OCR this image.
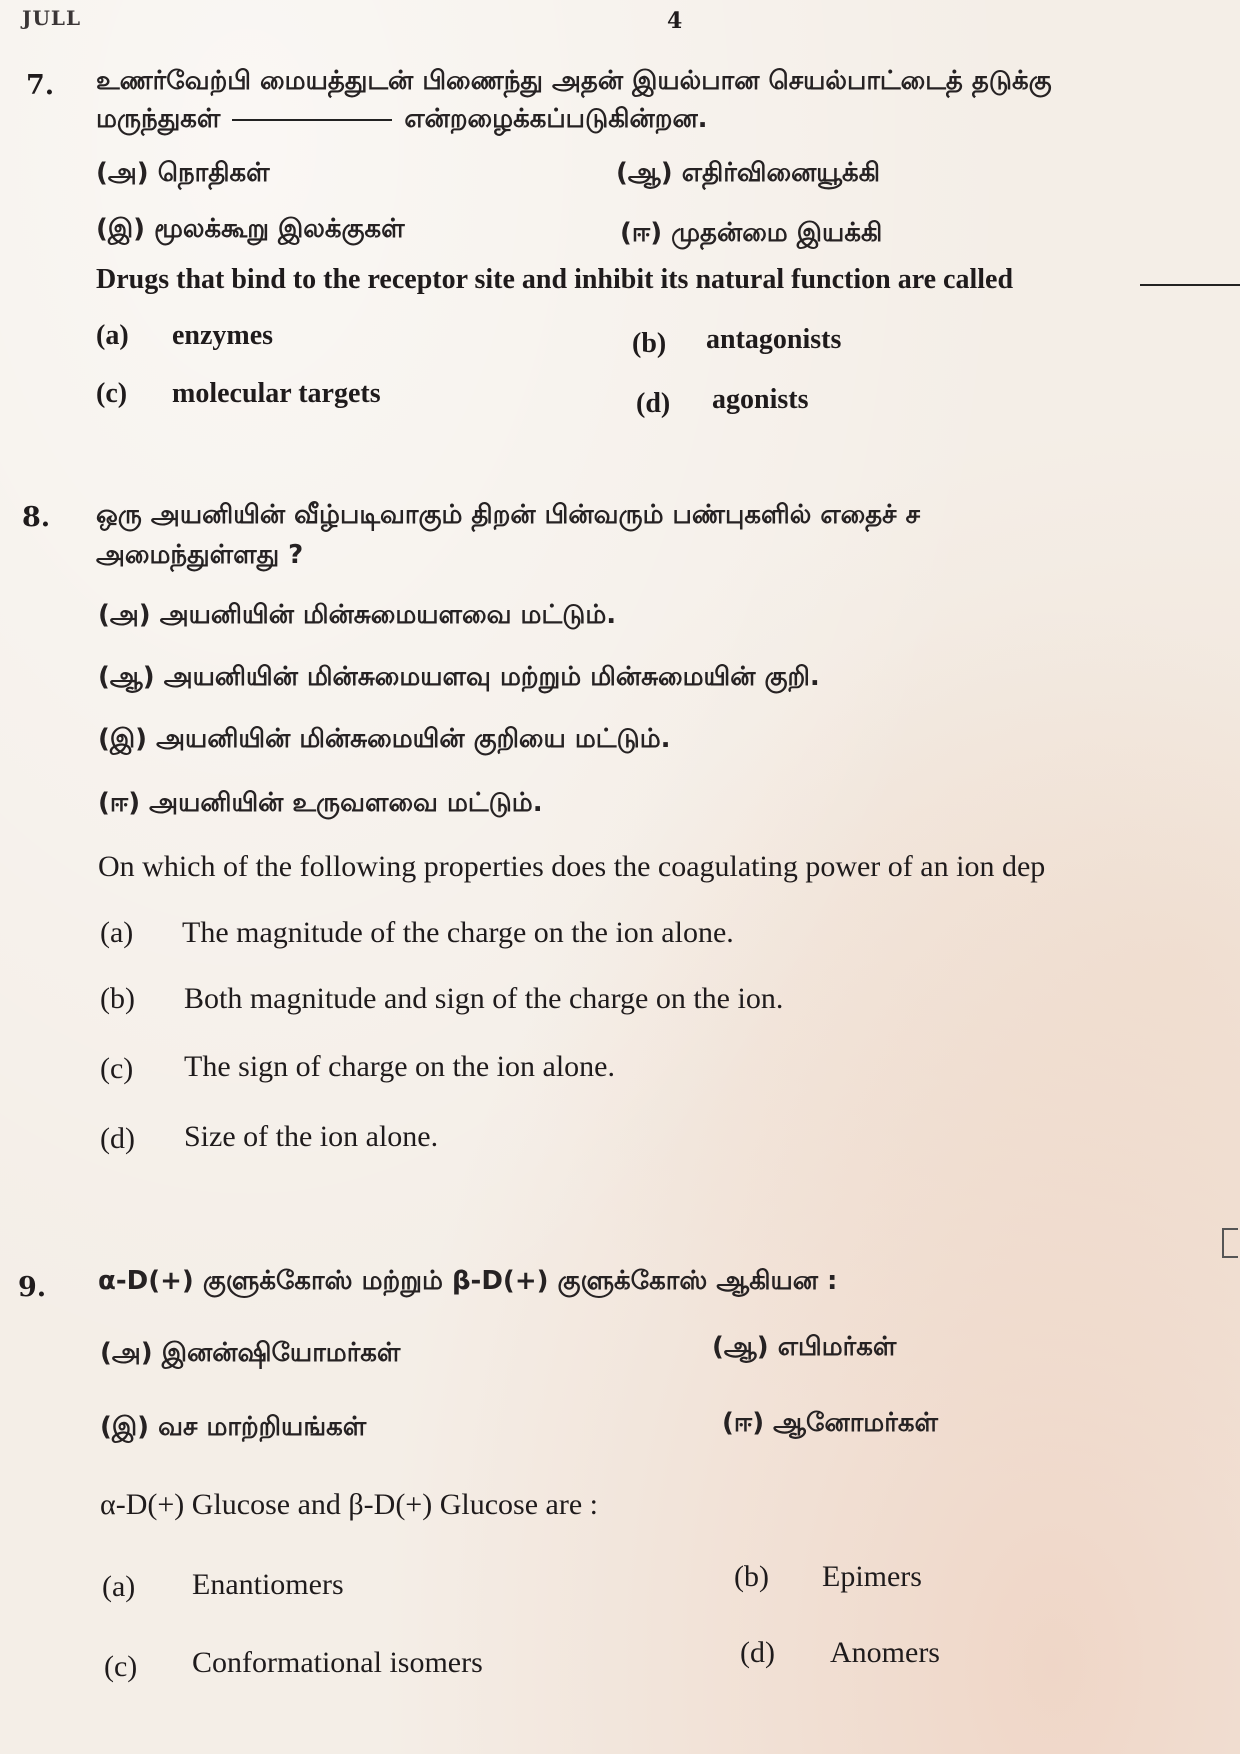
JULL	4
7. உணர்வேற்பி மையத்துடன் பிணைந்து அதன் இயல்பான செயல்பாட்டைத் தடுக்கு
மருந்துகள்	என்றழைக்கப்படுகின்றன.
(அ) நொதிகள்	(ஆ) எதிர்வினையூக்கி
(இ) மூலக்கூறு இலக்குகள்	(ஈ) முதன்மை இயக்கி
Drugs that bind to the receptor site and inhibit its natural function are called
(a) enzymes	(b) antagonists
(c) molecular targets	(d) agonists
8. ஒரு அயனியின் வீழ்படிவாகும் திறன் பின்வரும் பண்புகளில் எதைச் ச
அமைந்துள்ளது ?
(அ) அயனியின் மின்சுமையளவை மட்டும்.
(ஆ) அயனியின் மின்சுமையளவு மற்றும் மின்சுமையின் குறி.
(இ) அயனியின் மின்சுமையின் குறியை மட்டும்.
(ஈ) அயனியின் உருவளவை மட்டும்.
On which of the following properties does the coagulating power of an ion dep
(a) The magnitude of the charge on the ion alone.
(b) Both magnitude and sign of the charge on the ion.
(c) The sign of charge on the ion alone.
(d) Size of the ion alone.
9. α-D(+) குளுக்கோஸ் மற்றும் β-D(+) குளுக்கோஸ் ஆகியன :
(அ) இனன்ஷியோமர்கள்	(ஆ) எபிமர்கள்
(இ) வச மாற்றியங்கள்	(ஈ) ஆனோமர்கள்
α-D(+) Glucose and β-D(+) Glucose are :
(a) Enantiomers	(b) Epimers
(c) Conformational isomers	(d) Anomers
